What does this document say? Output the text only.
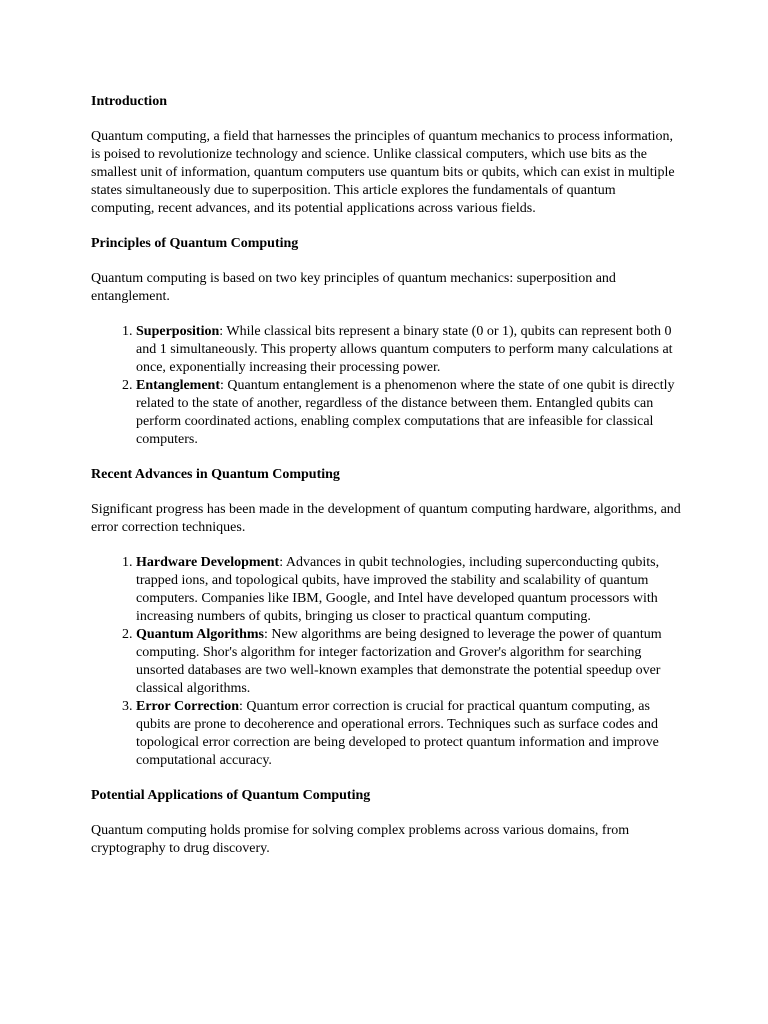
Introduction

Quantum computing, a field that harnesses the principles of quantum mechanics to process information, is poised to revolutionize technology and science. Unlike classical computers, which use bits as the smallest unit of information, quantum computers use quantum bits or qubits, which can exist in multiple states simultaneously due to superposition. This article explores the fundamentals of quantum computing, recent advances, and its potential applications across various fields.

Principles of Quantum Computing

Quantum computing is based on two key principles of quantum mechanics: superposition and entanglement.

1. Superposition: While classical bits represent a binary state (0 or 1), qubits can represent both 0 and 1 simultaneously. This property allows quantum computers to perform many calculations at once, exponentially increasing their processing power.
2. Entanglement: Quantum entanglement is a phenomenon where the state of one qubit is directly related to the state of another, regardless of the distance between them. Entangled qubits can perform coordinated actions, enabling complex computations that are infeasible for classical computers.

Recent Advances in Quantum Computing

Significant progress has been made in the development of quantum computing hardware, algorithms, and error correction techniques.

1. Hardware Development: Advances in qubit technologies, including superconducting qubits, trapped ions, and topological qubits, have improved the stability and scalability of quantum computers. Companies like IBM, Google, and Intel have developed quantum processors with increasing numbers of qubits, bringing us closer to practical quantum computing.
2. Quantum Algorithms: New algorithms are being designed to leverage the power of quantum computing. Shor's algorithm for integer factorization and Grover's algorithm for searching unsorted databases are two well-known examples that demonstrate the potential speedup over classical algorithms.
3. Error Correction: Quantum error correction is crucial for practical quantum computing, as qubits are prone to decoherence and operational errors. Techniques such as surface codes and topological error correction are being developed to protect quantum information and improve computational accuracy.

Potential Applications of Quantum Computing

Quantum computing holds promise for solving complex problems across various domains, from cryptography to drug discovery.
